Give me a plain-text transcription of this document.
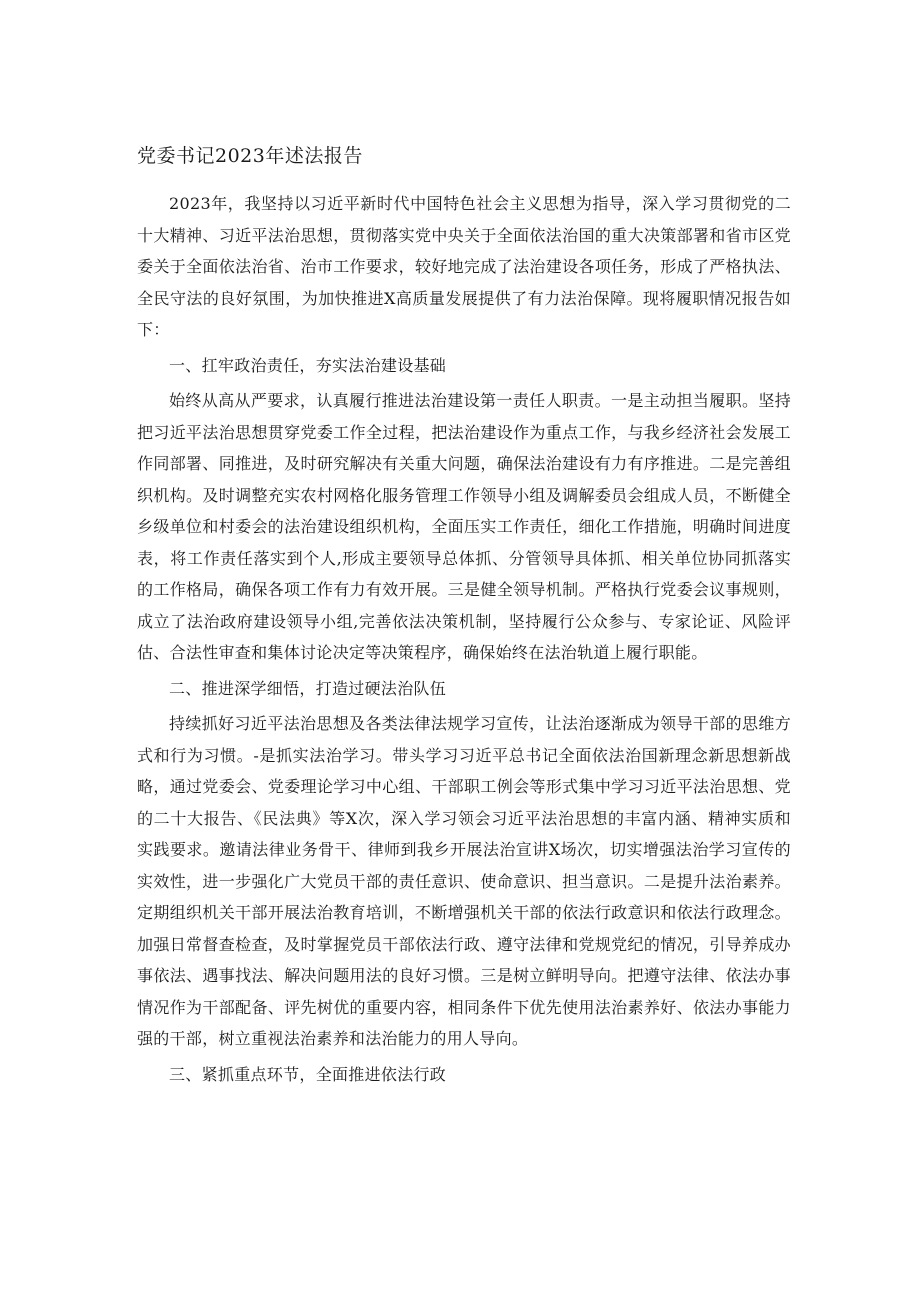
党委书记2023年述法报告

2023年，我坚持以习近平新时代中国特色社会主义思想为指导，深入学习贯彻党的二十大精神、习近平法治思想，贯彻落实党中央关于全面依法治国的重大决策部署和省市区党委关于全面依法治省、治市工作要求，较好地完成了法治建设各项任务，形成了严格执法、全民守法的良好氛围，为加快推进X高质量发展提供了有力法治保障。现将履职情况报告如下：

一、扛牢政治责任，夯实法治建设基础

始终从高从严要求，认真履行推进法治建设第一责任人职责。一是主动担当履职。坚持把习近平法治思想贯穿党委工作全过程，把法治建设作为重点工作，与我乡经济社会发展工作同部署、同推进，及时研究解决有关重大问题，确保法治建设有力有序推进。二是完善组织机构。及时调整充实农村网格化服务管理工作领导小组及调解委员会组成人员，不断健全乡级单位和村委会的法治建设组织机构，全面压实工作责任，细化工作措施，明确时间进度表，将工作责任落实到个人,形成主要领导总体抓、分管领导具体抓、相关单位协同抓落实的工作格局，确保各项工作有力有效开展。三是健全领导机制。严格执行党委会议事规则，成立了法治政府建设领导小组,完善依法决策机制，坚持履行公众参与、专家论证、风险评估、合法性审查和集体讨论决定等决策程序，确保始终在法治轨道上履行职能。

二、推进深学细悟，打造过硬法治队伍

持续抓好习近平法治思想及各类法律法规学习宣传，让法治逐渐成为领导干部的思维方式和行为习惯。-是抓实法治学习。带头学习习近平总书记全面依法治国新理念新思想新战略，通过党委会、党委理论学习中心组、干部职工例会等形式集中学习习近平法治思想、党的二十大报告、《民法典》等X次，深入学习领会习近平法治思想的丰富内涵、精神实质和实践要求。邀请法律业务骨干、律师到我乡开展法治宣讲X场次，切实增强法治学习宣传的实效性，进一步强化广大党员干部的责任意识、使命意识、担当意识。二是提升法治素养。定期组织机关干部开展法治教育培训，不断增强机关干部的依法行政意识和依法行政理念。加强日常督查检查，及时掌握党员干部依法行政、遵守法律和党规党纪的情况，引导养成办事依法、遇事找法、解决问题用法的良好习惯。三是树立鲜明导向。把遵守法律、依法办事情况作为干部配备、评先树优的重要内容，相同条件下优先使用法治素养好、依法办事能力强的干部，树立重视法治素养和法治能力的用人导向。

三、紧抓重点环节，全面推进依法行政
